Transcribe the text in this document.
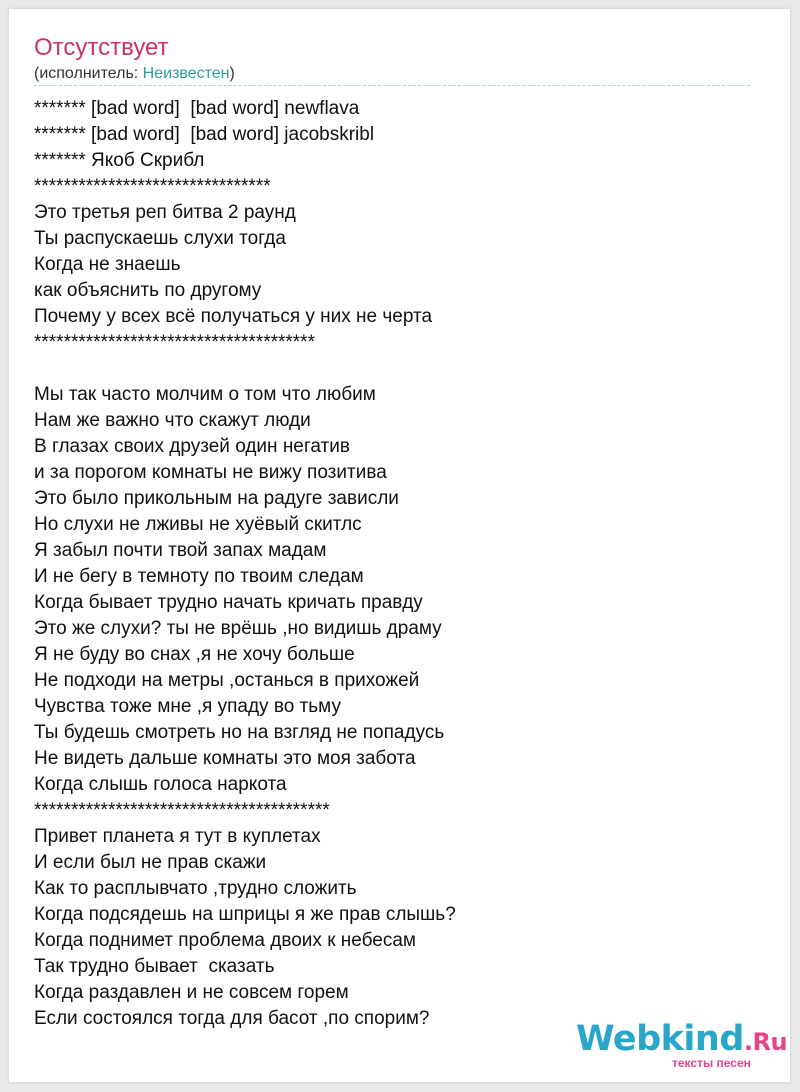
Отсутствует
(исполнитель: Неизвестен)
******* [bad word]  [bad word] newflava
******* [bad word]  [bad word] jacobskribl
******* Якоб Скрибл
********************************
Это третья реп битва 2 раунд
Ты распускаешь слухи тогда
Когда не знаешь
как объяснить по другому
Почему у всех всё получаться у них не черта
**************************************
Мы так часто молчим о том что любим
Нам же важно что скажут люди
В глазах своих друзей один негатив
и за порогом комнаты не вижу позитива
Это было прикольным на радуге зависли
Но слухи не лживы не хуёвый скитлс
Я забыл почти твой запах мадам
И не бегу в темноту по твоим следам
Когда бывает трудно начать кричать правду
Это же слухи? ты не врёшь ,но видишь драму
Я не буду во снах ,я не хочу больше
Не подходи на метры ,останься в прихожей
Чувства тоже мне ,я упаду во тьму
Ты будешь смотреть но на взгляд не попадусь
Не видеть дальше комнаты это моя забота
Когда слышь голоса наркота
****************************************
Привет планета я тут в куплетах
И если был не прав скажи
Как то расплывчато ,трудно сложить
Когда подсядешь на шприцы я же прав слышь?
Когда поднимет проблема двоих к небесам
Так трудно бывает  сказать
Когда раздавлен и не совсем горем
Если состоялся тогда для басот ,по спорим?
Webkind.Ru
тексты песен
